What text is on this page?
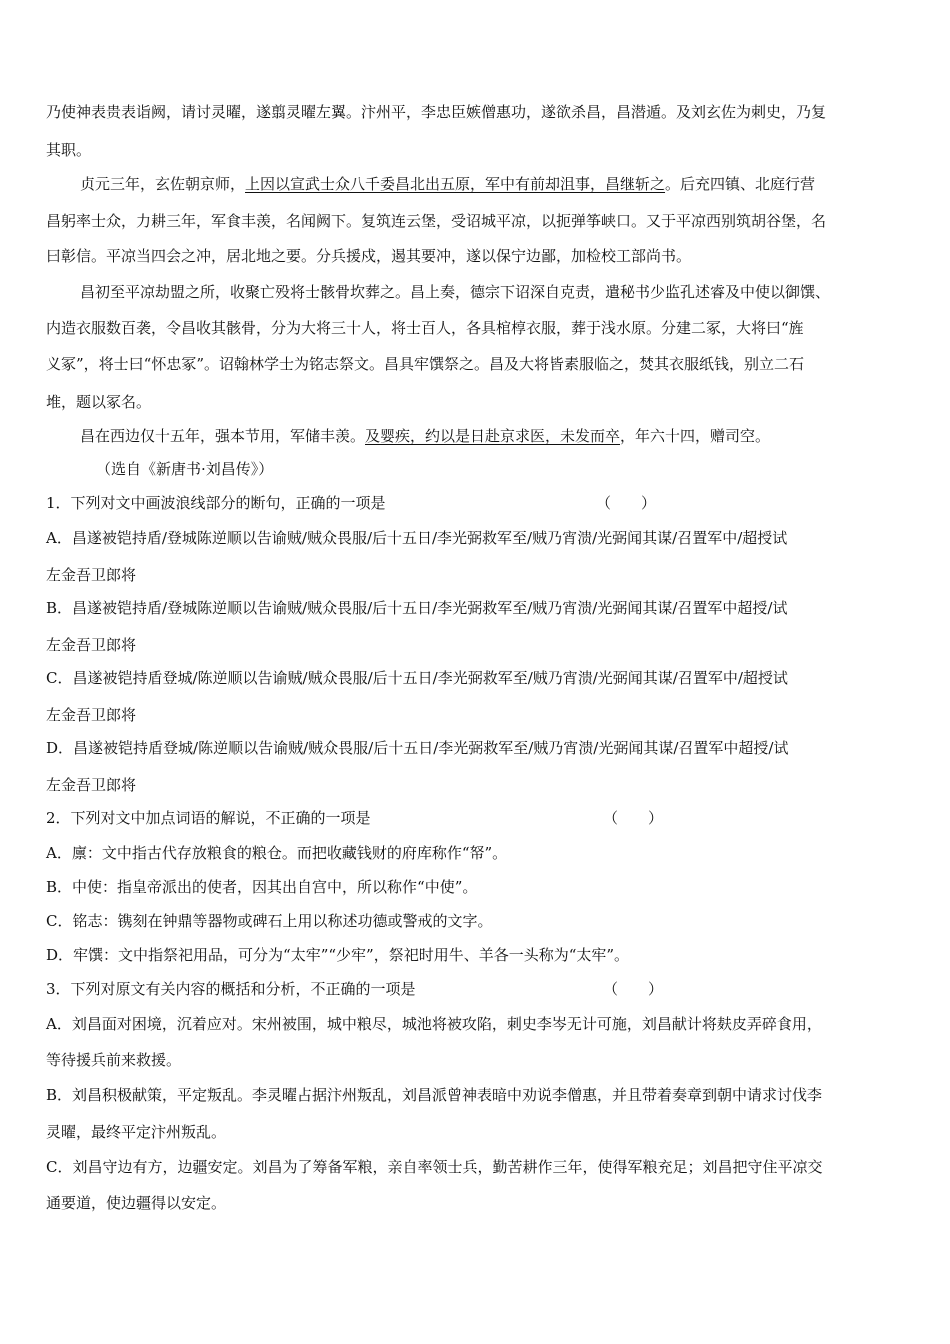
乃使神表贵表诣阙，请讨灵曜，遂翦灵曜左翼。汴州平，李忠臣嫉僧惠功，遂欲杀昌，昌潜遁。及刘玄佐为刺史，乃复
其职。
贞元三年，玄佐朝京师，上因以宣武士众八千委昌北出五原，军中有前却沮事，昌继斩之。后充四镇、北庭行营
昌躬率士众，力耕三年，军食丰羡，名闻阙下。复筑连云堡，受诏城平凉，以扼弹筝峡口。又于平凉西别筑胡谷堡，名
曰彰信。平凉当四会之冲，居北地之要。分兵援戍，遏其要冲，遂以保宁边鄙，加检校工部尚书。
昌初至平凉劫盟之所，收聚亡殁将士骸骨坎葬之。昌上奏，德宗下诏深自克责，遣秘书少监孔述睿及中使以御馔、
内造衣服数百袭，令昌收其骸骨，分为大将三十人，将士百人，各具棺椁衣服，葬于浅水原。分建二冢，大将曰“旌
义冢”，将士曰“怀忠冢”。诏翰林学士为铭志祭文。昌具牢馔祭之。昌及大将皆素服临之，焚其衣服纸钱，别立二石
堆，题以冢名。
昌在西边仅十五年，强本节用，军储丰羡。及婴疾，约以是日赴京求医，未发而卒，年六十四，赠司空。
（选自《新唐书·刘昌传》）
1．下列对文中画波浪线部分的断句，正确的一项是	（　　）
A．昌遂被铠持盾/登城陈逆顺以告谕贼/贼众畏服/后十五日/李光弼救军至/贼乃宵溃/光弼闻其谋/召置军中/超授试
左金吾卫郎将
B．昌遂被铠持盾/登城陈逆顺以告谕贼/贼众畏服/后十五日/李光弼救军至/贼乃宵溃/光弼闻其谋/召置军中超授/试
左金吾卫郎将
C．昌遂被铠持盾登城/陈逆顺以告谕贼/贼众畏服/后十五日/李光弼救军至/贼乃宵溃/光弼闻其谋/召置军中/超授试
左金吾卫郎将
D．昌遂被铠持盾登城/陈逆顺以告谕贼/贼众畏服/后十五日/李光弼救军至/贼乃宵溃/光弼闻其谋/召置军中超授/试
左金吾卫郎将
2．下列对文中加点词语的解说，不正确的一项是	（　　）
A．廪：文中指古代存放粮食的粮仓。而把收藏钱财的府库称作“帑”。
B．中使：指皇帝派出的使者，因其出自宫中，所以称作“中使”。
C．铭志：镌刻在钟鼎等器物或碑石上用以称述功德或警戒的文字。
D．牢馔：文中指祭祀用品，可分为“太牢”“少牢”，祭祀时用牛、羊各一头称为“太牢”。
3．下列对原文有关内容的概括和分析，不正确的一项是	（　　）
A．刘昌面对困境，沉着应对。宋州被围，城中粮尽，城池将被攻陷，刺史李岑无计可施，刘昌献计将麸皮弄碎食用，
等待援兵前来救援。
B．刘昌积极献策，平定叛乱。李灵曜占据汴州叛乱，刘昌派曾神表暗中劝说李僧惠，并且带着奏章到朝中请求讨伐李
灵曜，最终平定汴州叛乱。
C．刘昌守边有方，边疆安定。刘昌为了筹备军粮，亲自率领士兵，勤苦耕作三年，使得军粮充足；刘昌把守住平凉交
通要道，使边疆得以安定。
